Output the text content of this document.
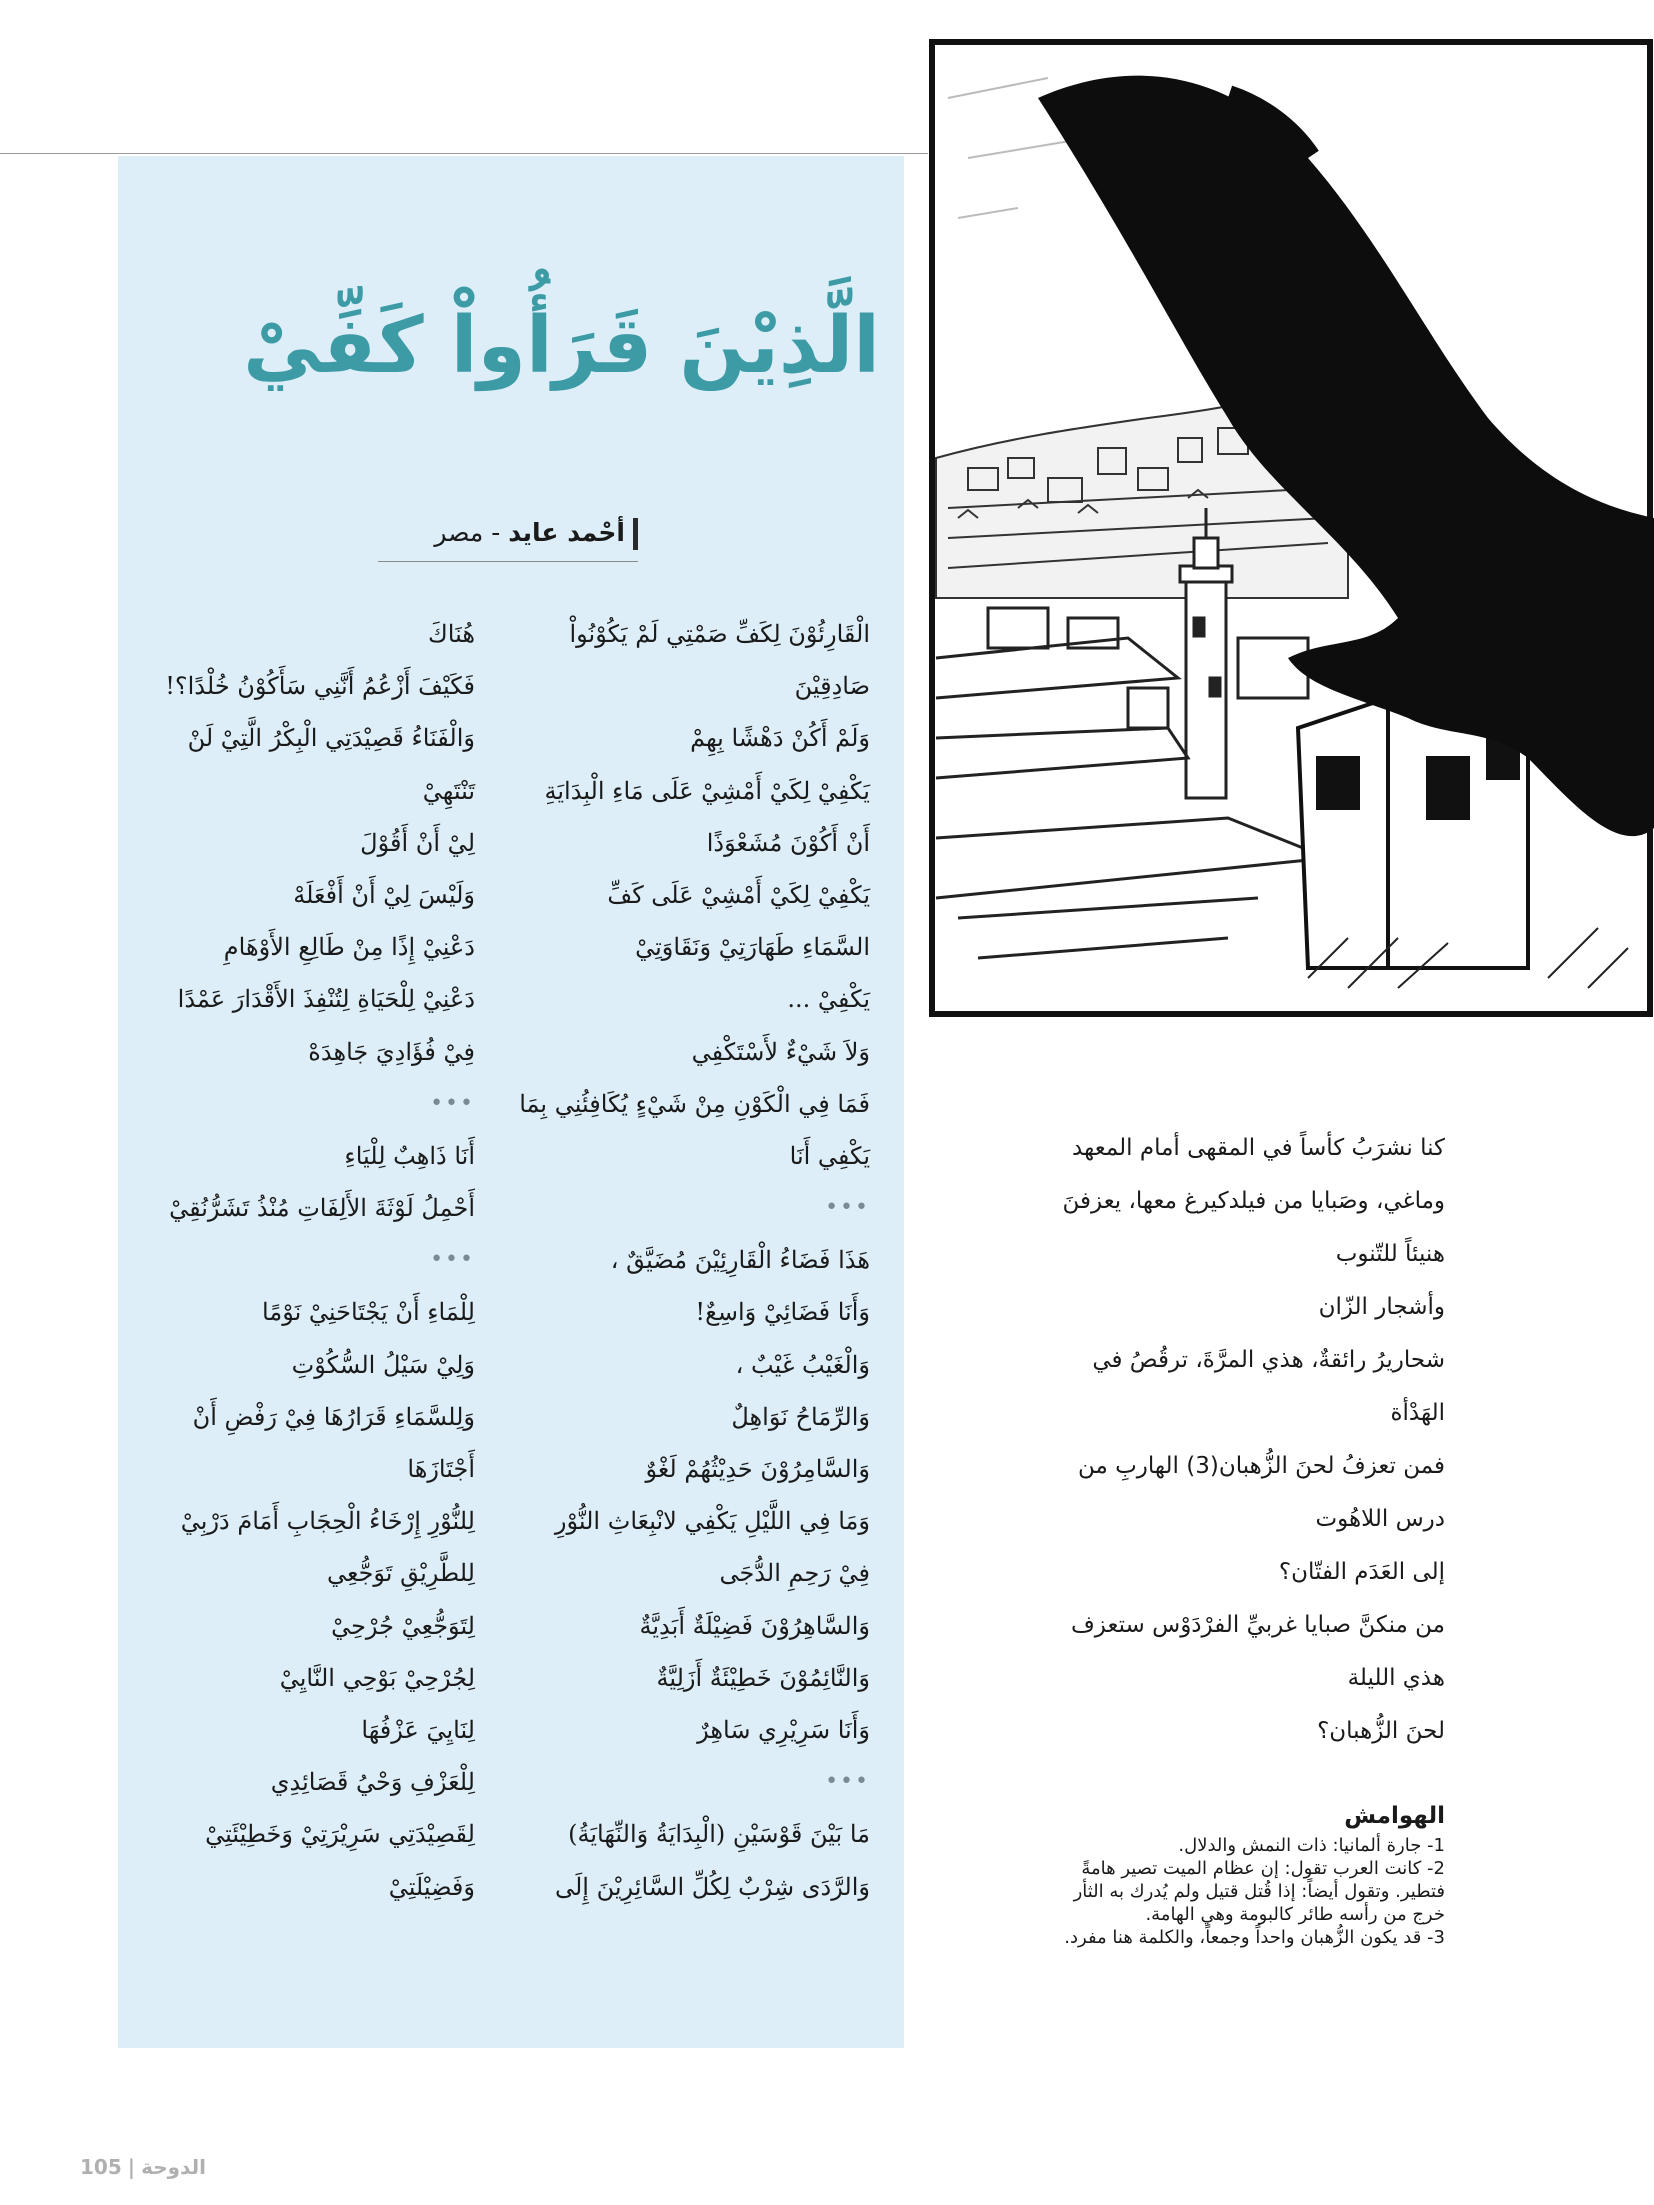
الَّذِيْنَ قَرَأُواْ كَفِّيْ
أحْمد عايد - مصر
الْقَارِئُوْنَ لِكَفِّ صَمْتِي لَمْ يَكُوْنُواْ
صَادِقِيْنَ
وَلَمْ أَكُنْ دَهْشًا بِهِمْ
يَكْفِيْ لِكَيْ أَمْشِيْ عَلَى مَاءِ الْبِدَايَةِ
أَنْ أَكُوْنَ مُشَعْوَذًا
يَكْفِيْ لِكَيْ أَمْشِيْ عَلَى كَفِّ
السَّمَاءِ طَهَارَتِيْ وَنَقَاوَتِيْ
يَكْفِيْ ...
وَلاَ شَيْءٌ لأَسْتَكْفِي
فَمَا فِي الْكَوْنِ مِنْ شَيْءٍ يُكَافِئُنِي بِمَا
يَكْفِي أَنَا
•••
هَذَا فَضَاءُ الْقَارِئِيْنَ مُضَيَّقٌ ،
وَأَنَا فَضَائِيْ وَاسِعٌ!
وَالْغَيْبُ غَيْبٌ ،
وَالرِّمَاحُ نَوَاهِلٌ
وَالسَّامِرُوْنَ حَدِيْثُهُمْ لَغْوٌ
وَمَا فِي اللَّيْلِ يَكْفِي لانْبِعَاثِ النُّوْرِ
فِيْ رَحِمِ الدُّجَى
وَالسَّاهِرُوْنَ فَضِيْلَةٌ أَبَدِيَّةٌ
وَالنَّائِمُوْنَ خَطِيْئَةٌ أَزَلِيَّةٌ
وَأَنَا سَرِيْرِي سَاهِرٌ
•••
مَا بَيْنَ قَوْسَيْنِ (الْبِدَايَةُ وَالنِّهَايَةُ)
وَالرَّدَى شِرْبٌ لِكُلِّ السَّائِرِيْنَ إِلَى
هُنَاكَ
فَكَيْفَ أَزْعُمُ أَنَّنِي سَأَكُوْنُ خُلْدًا؟!
وَالْفَنَاءُ قَصِيْدَتِي الْبِكْرُ الَّتِيْ لَنْ
تَنْتَهِيْ
لِيْ أَنْ أَقُوْلَ
وَلَيْسَ لِيْ أَنْ أَفْعَلَهْ
دَعْنِيْ إِذًا مِنْ طَالِعِ الأَوْهَامِ
دَعْنِيْ لِلْحَيَاةِ لِتُنْفِذَ الأَقْدَارَ عَمْدًا
فِيْ فُؤَادِيَ جَاهِدَهْ
•••
أَنَا ذَاهِبٌ لِلْيَاءِ
أَحْمِلُ لَوْثَةَ الأَلِفَاتِ مُنْذُ تَشَرُّنُقِيْ
•••
لِلْمَاءِ أَنْ يَجْتَاحَنِيْ نَوْمًا
وَلِيْ سَيْلُ السُّكُوْتِ
وَلِلسَّمَاءِ قَرَارُهَا فِيْ رَفْضِ أَنْ
أَجْتَازَهَا
لِلنُّوْرِ إِرْخَاءُ الْحِجَابِ أَمَامَ دَرْبِيْ
لِلطَّرِيْقِ تَوَجُّعِي
لِتَوَجُّعِيْ جُرْحِيْ
لِجُرْحِيْ بَوْحِي النَّايِيْ
لِنَايِيَ عَزْفُهَا
لِلْعَزْفِ وَحْيُ قَصَائِدِي
لِقَصِيْدَتِي سَرِيْرَتِيْ وَخَطِيْئَتِيْ
وَفَضِيْلَتِيْ
كنا نشرَبُ كأساً في المقهى أمام المعهد
وماغي، وصَبايا من فيلدكيرغ معها، يعزفنَ
هنيئاً للتّنوب
وأشجار الزّان
شحاريرُ رائقةٌ، هذي المرَّةَ، ترقُصُ في
الهَدْأة
فمن تعزفُ لحنَ الزُّهبان(3) الهاربِ من
درس اللاهُوت
إلى العَدَم الفتّان؟
من منكنَّ صبايا غربيِّ الفرْدَوْس ستعزف
هذي الليلة
لحنَ الزُّهبان؟
الهوامش
1- جارة ألمانيا: ذات النمش والدلال.
2- كانت العرب تقول: إن عظام الميت تصير هامةً فتطير. وتقول أيضاً: إذا قُتل قتيل ولم يُدرك به الثأر خرج من رأسه طائر كالبومة وهي الهامة.
3- قد يكون الزُّهبان واحداً وجمعاً، والكلمة هنا مفرد.
الدوحة|105
